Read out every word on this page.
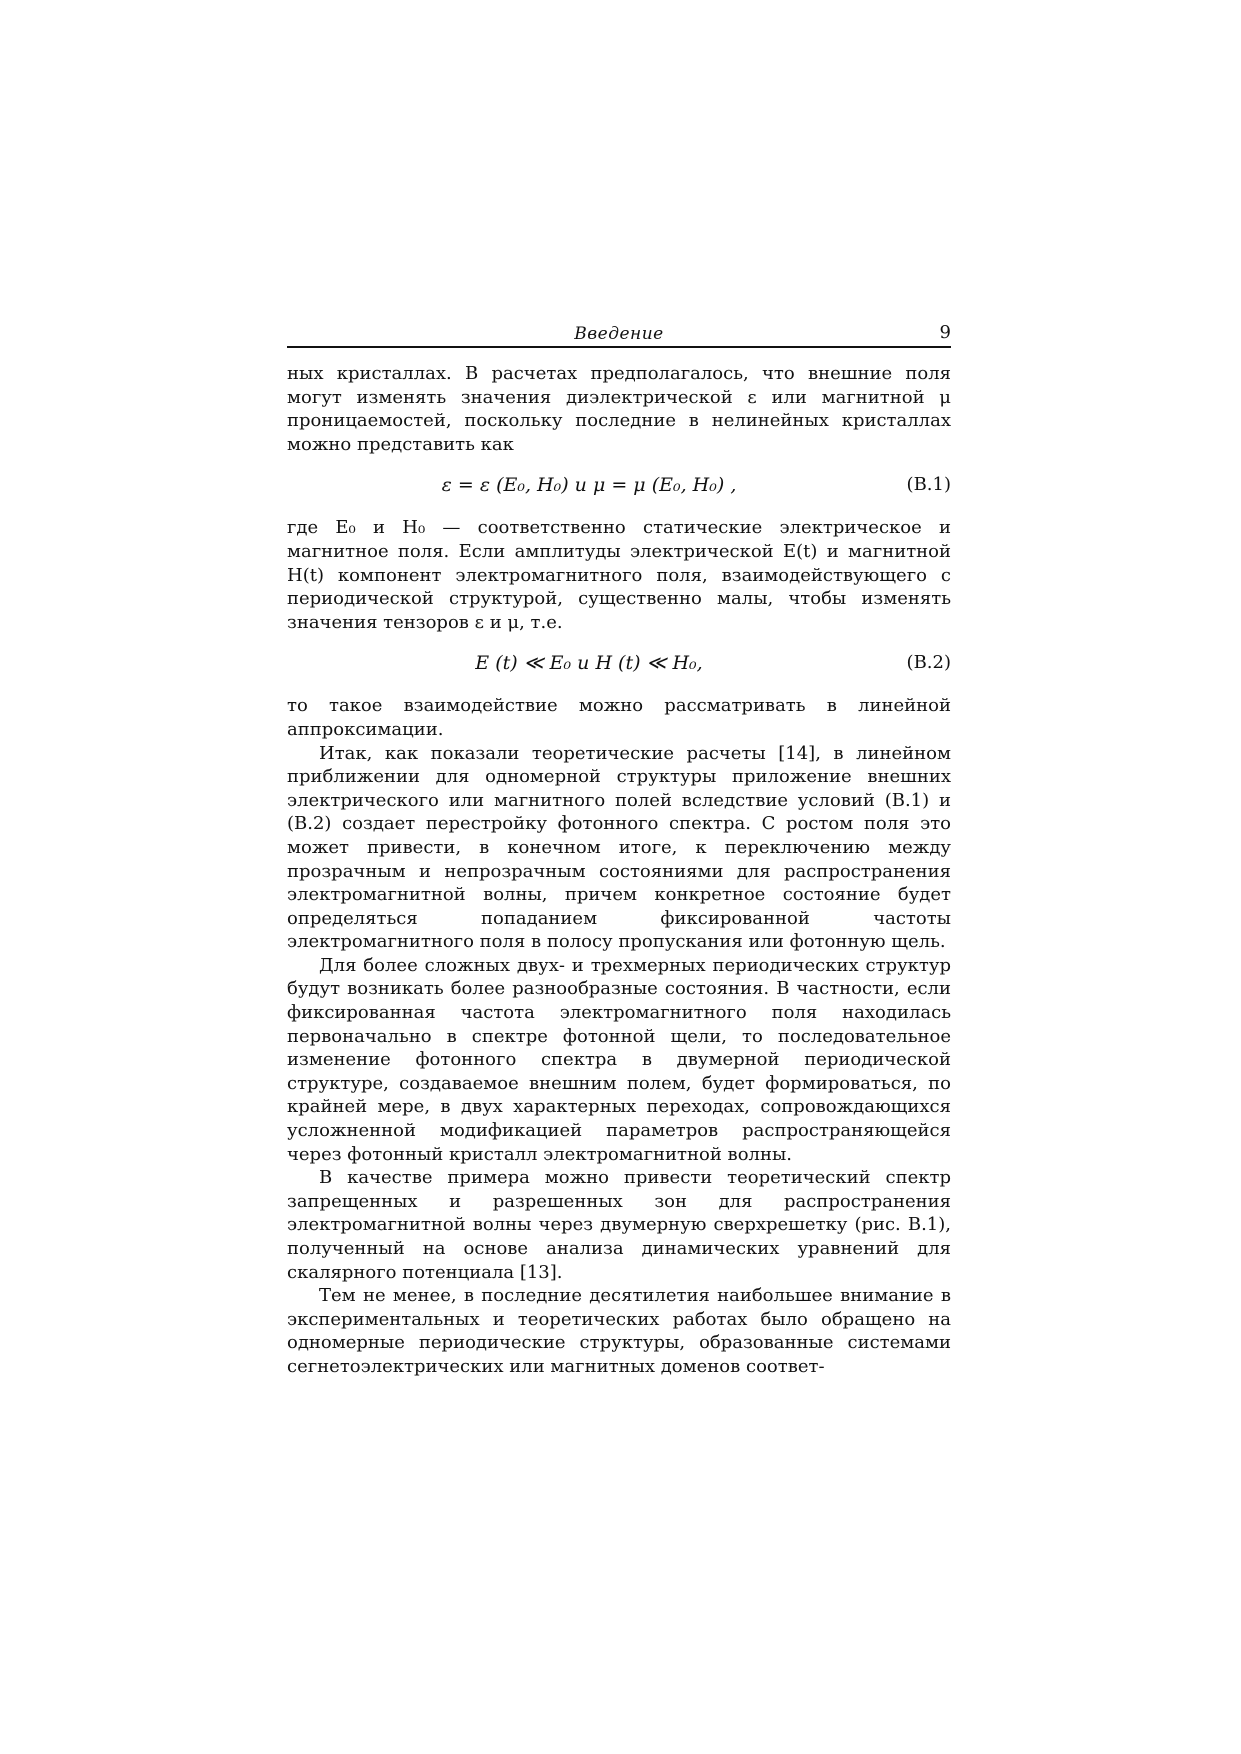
Введение	9

ных кристаллах. В расчетах предполагалось, что внешние поля могут изменять значения диэлектрической ε или магнитной μ проницаемостей, поскольку последние в нелинейных кристаллах можно представить как

ε = ε (E₀, H₀) и μ = μ (E₀, H₀) ,	(В.1)

где E₀ и H₀ — соответственно статические электрическое и магнитное поля. Если амплитуды электрической E(t) и магнитной H(t) компонент электромагнитного поля, взаимодействующего с периодической структурой, существенно малы, чтобы изменять значения тензоров ε и μ, т.е.

E (t) ≪ E₀ и H (t) ≪ H₀,	(В.2)

то такое взаимодействие можно рассматривать в линейной аппроксимации.

Итак, как показали теоретические расчеты [14], в линейном приближении для одномерной структуры приложение внешних электрического или магнитного полей вследствие условий (В.1) и (В.2) создает перестройку фотонного спектра. С ростом поля это может привести, в конечном итоге, к переключению между прозрачным и непрозрачным состояниями для распространения электромагнитной волны, причем конкретное состояние будет определяться попаданием фиксированной частоты электромагнитного поля в полосу пропускания или фотонную щель.

Для более сложных двух- и трехмерных периодических структур будут возникать более разнообразные состояния. В частности, если фиксированная частота электромагнитного поля находилась первоначально в спектре фотонной щели, то последовательное изменение фотонного спектра в двумерной периодической структуре, создаваемое внешним полем, будет формироваться, по крайней мере, в двух характерных переходах, сопровождающихся усложненной модификацией параметров распространяющейся через фотонный кристалл электромагнитной волны.

В качестве примера можно привести теоретический спектр запрещенных и разрешенных зон для распространения электромагнитной волны через двумерную сверхрешетку (рис. В.1), полученный на основе анализа динамических уравнений для скалярного потенциала [13].

Тем не менее, в последние десятилетия наибольшее внимание в экспериментальных и теоретических работах было обращено на одномерные периодические структуры, образованные системами сегнетоэлектрических или магнитных доменов соответ-
